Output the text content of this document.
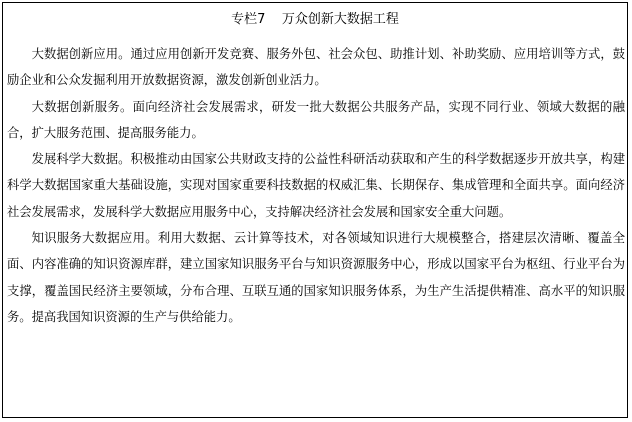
专栏7    万众创新大数据工程

大数据创新应用。通过应用创新开发竞赛、服务外包、社会众包、助推计划、补助奖励、应用培训等方式，鼓励企业和公众发掘利用开放数据资源，激发创新创业活力。

大数据创新服务。面向经济社会发展需求，研发一批大数据公共服务产品，实现不同行业、领域大数据的融合，扩大服务范围、提高服务能力。

发展科学大数据。积极推动由国家公共财政支持的公益性科研活动获取和产生的科学数据逐步开放共享，构建科学大数据国家重大基础设施，实现对国家重要科技数据的权威汇集、长期保存、集成管理和全面共享。面向经济社会发展需求，发展科学大数据应用服务中心，支持解决经济社会发展和国家安全重大问题。

知识服务大数据应用。利用大数据、云计算等技术，对各领域知识进行大规模整合，搭建层次清晰、覆盖全面、内容准确的知识资源库群，建立国家知识服务平台与知识资源服务中心，形成以国家平台为枢纽、行业平台为支撑，覆盖国民经济主要领域，分布合理、互联互通的国家知识服务体系，为生产生活提供精准、高水平的知识服务。提高我国知识资源的生产与供给能力。
